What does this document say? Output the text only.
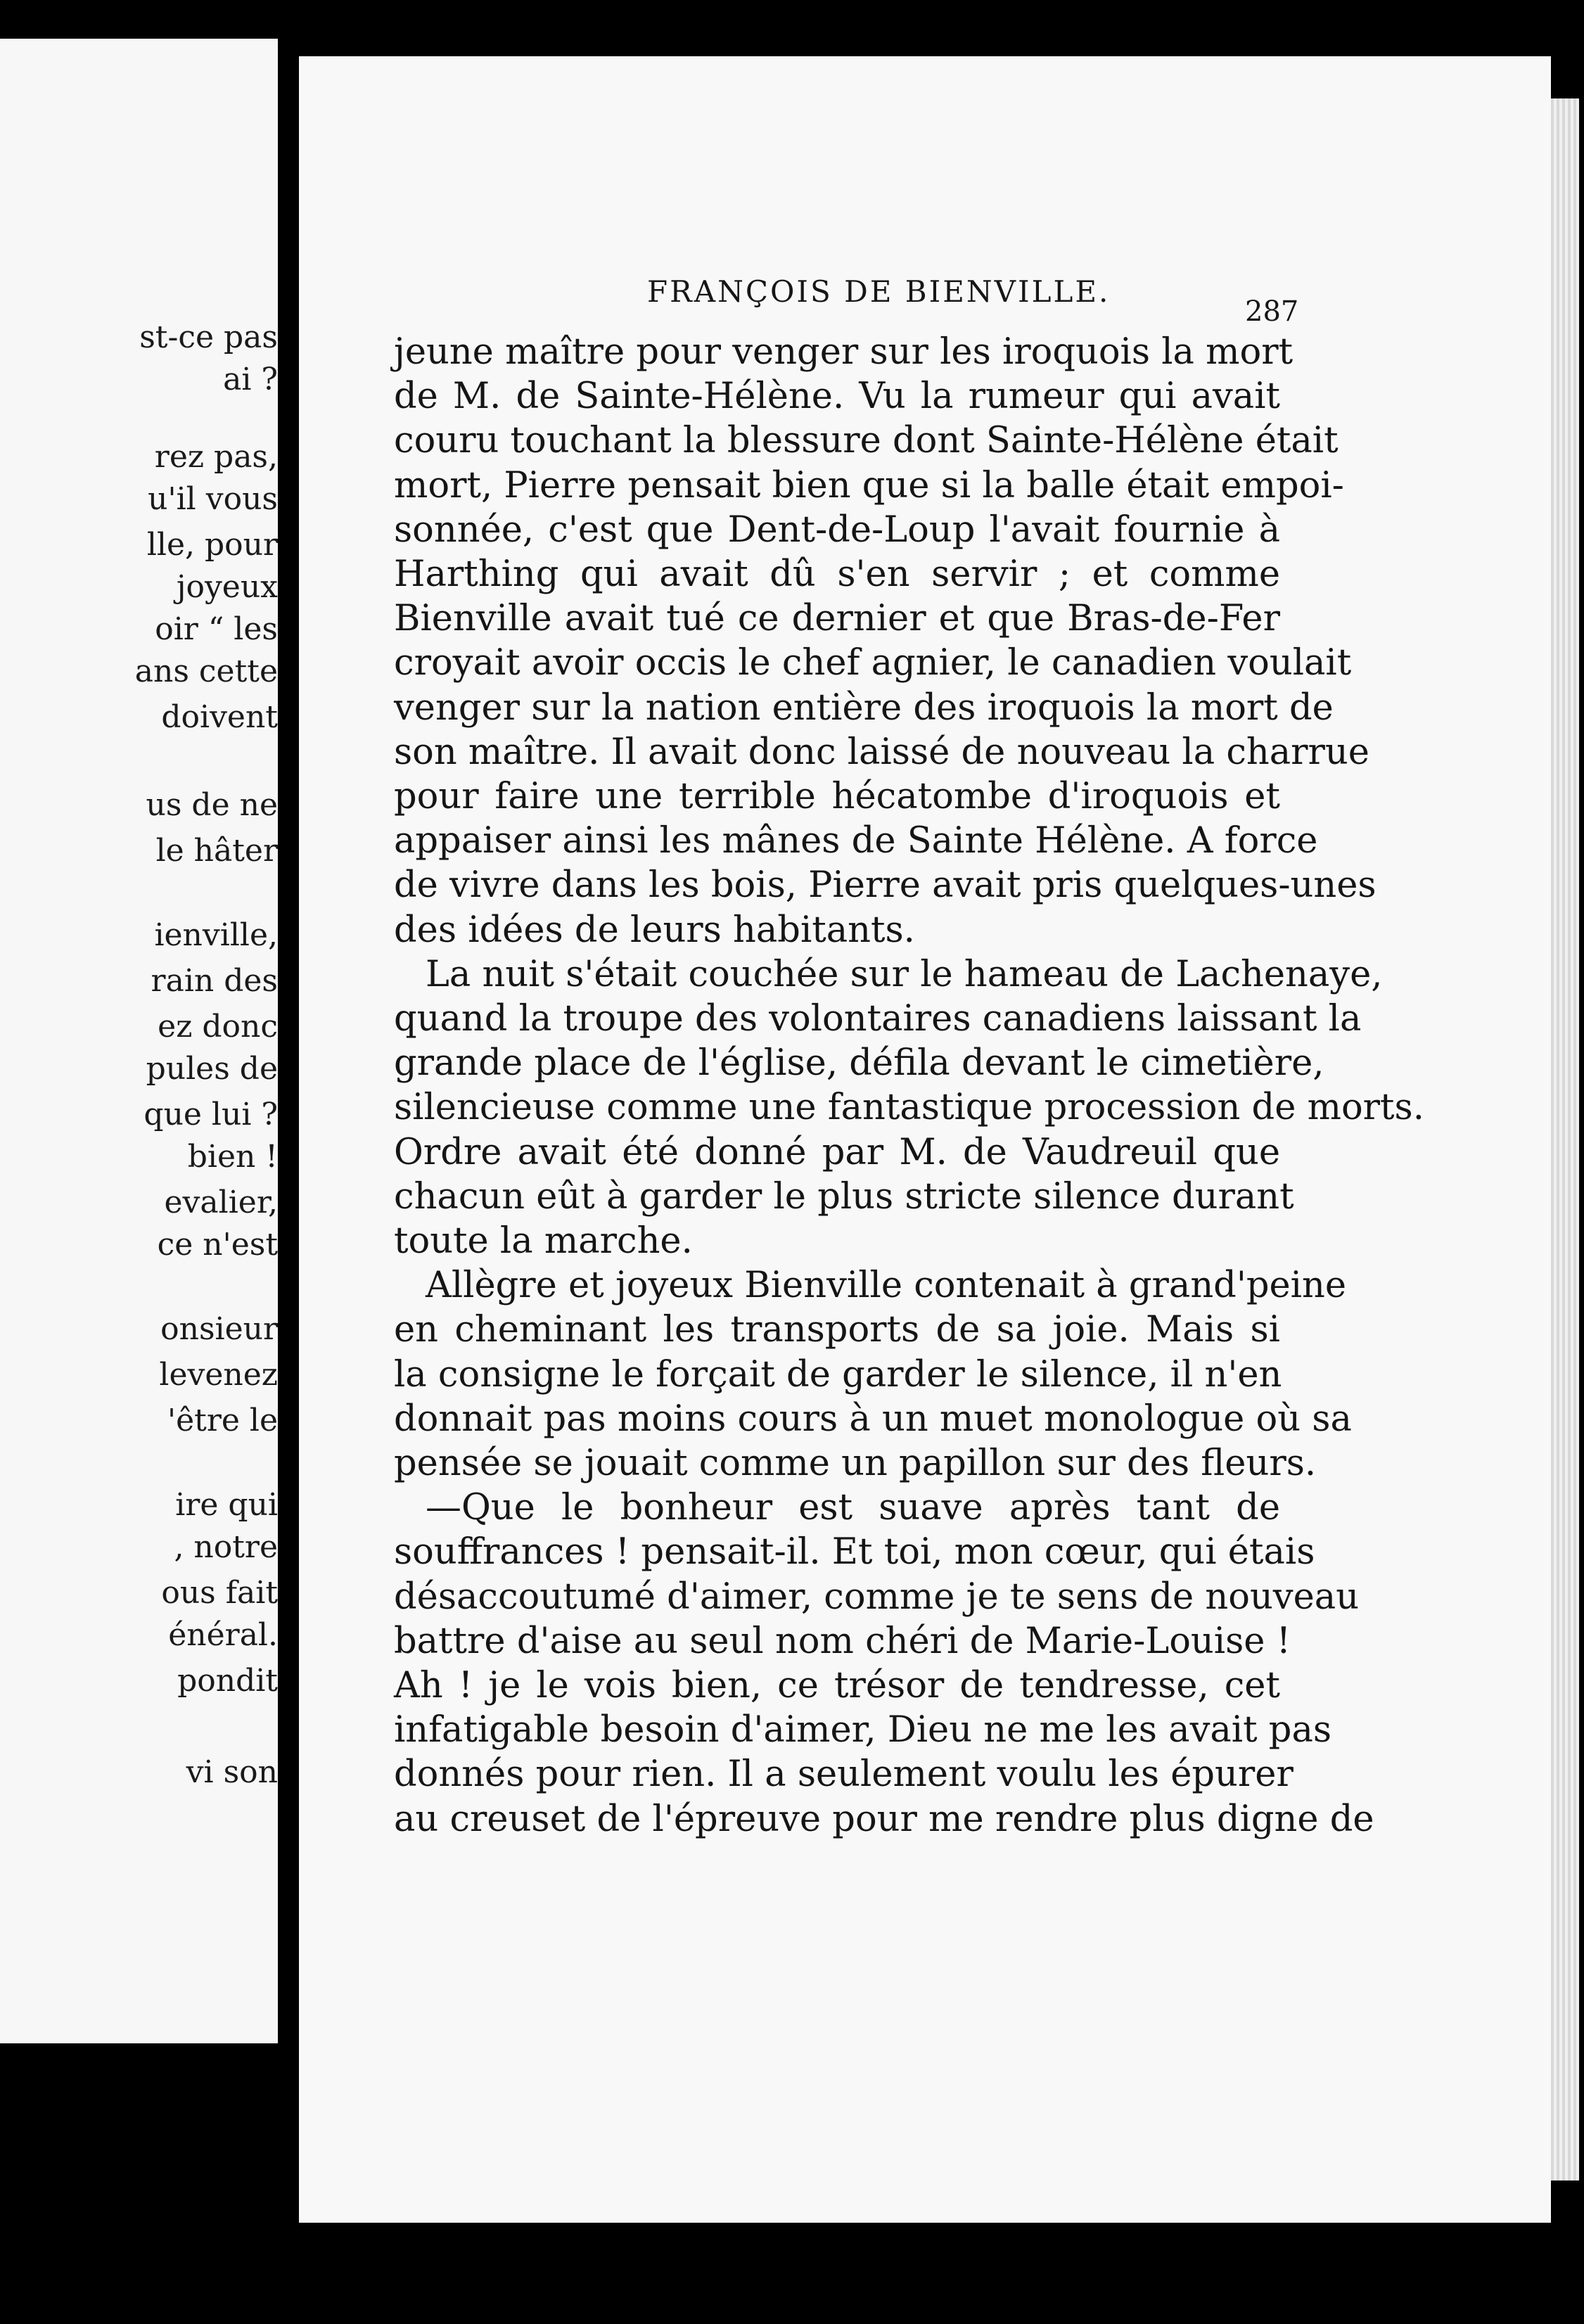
st-ce pas
ai ?
rez pas,
u'il vous
lle, pour
joyeux
oir “ les
ans cette
doivent
us de ne
le hâter
ienville,
rain des
ez donc
pules de
que lui ?
bien !
evalier,
ce n'est
onsieur
levenez
'être le
ire qui
, notre
ous fait
énéral.
pondit
vi son
FRANÇOIS DE BIENVILLE.
287
jeune maître pour venger sur les iroquois la mort
de M. de Sainte-Hélène. Vu la rumeur qui avait
couru touchant la blessure dont Sainte-Hélène était
mort, Pierre pensait bien que si la balle était empoi-
sonnée, c'est que Dent-de-Loup l'avait fournie à
Harthing qui avait dû s'en servir ; et comme
Bienville avait tué ce dernier et que Bras-de-Fer
croyait avoir occis le chef agnier, le canadien voulait
venger sur la nation entière des iroquois la mort de
son maître. Il avait donc laissé de nouveau la charrue
pour faire une terrible hécatombe d'iroquois et
appaiser ainsi les mânes de Sainte Hélène. A force
de vivre dans les bois, Pierre avait pris quelques-unes
des idées de leurs habitants.
La nuit s'était couchée sur le hameau de Lachenaye,
quand la troupe des volontaires canadiens laissant la
grande place de l'église, défila devant le cimetière,
silencieuse comme une fantastique procession de morts.
Ordre avait été donné par M. de Vaudreuil que
chacun eût à garder le plus stricte silence durant
toute la marche.
Allègre et joyeux Bienville contenait à grand'peine
en cheminant les transports de sa joie. Mais si
la consigne le forçait de garder le silence, il n'en
donnait pas moins cours à un muet monologue où sa
pensée se jouait comme un papillon sur des fleurs.
—Que le bonheur est suave après tant de
souffrances ! pensait-il. Et toi, mon cœur, qui étais
désaccoutumé d'aimer, comme je te sens de nouveau
battre d'aise au seul nom chéri de Marie-Louise !
Ah ! je le vois bien, ce trésor de tendresse, cet
infatigable besoin d'aimer, Dieu ne me les avait pas
donnés pour rien. Il a seulement voulu les épurer
au creuset de l'épreuve pour me rendre plus digne de
